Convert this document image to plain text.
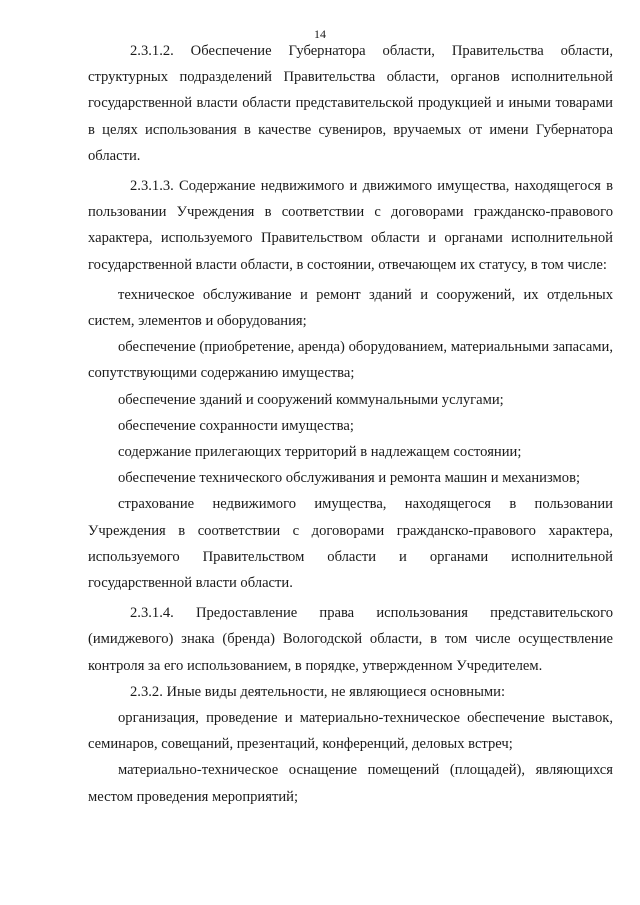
14

2.3.1.2. Обеспечение Губернатора области, Правительства области, структурных подразделений Правительства области, органов исполнительной государственной власти области представительской продукцией и иными товарами в целях использования в качестве сувениров, вручаемых от имени Губернатора области.

2.3.1.3. Содержание недвижимого и движимого имущества, находящегося в пользовании Учреждения в соответствии с договорами гражданско-правового характера, используемого Правительством области и органами исполнительной государственной власти области, в состоянии, отвечающем их статусу, в том числе:

техническое обслуживание и ремонт зданий и сооружений, их отдельных систем, элементов и оборудования;

обеспечение (приобретение, аренда) оборудованием, материальными запасами, сопутствующими содержанию имущества;

обеспечение зданий и сооружений коммунальными услугами;

обеспечение сохранности имущества;

содержание прилегающих территорий в надлежащем состоянии;

обеспечение технического обслуживания и ремонта машин и механизмов;

страхование недвижимого имущества, находящегося в пользовании Учреждения в соответствии с договорами гражданско-правового характера, используемого Правительством области и органами исполнительной государственной власти области.

2.3.1.4. Предоставление права использования представительского (имиджевого) знака (бренда) Вологодской области, в том числе осуществление контроля за его использованием, в порядке, утвержденном Учредителем.

2.3.2. Иные виды деятельности, не являющиеся основными:

организация, проведение и материально-техническое обеспечение выставок, семинаров, совещаний, презентаций, конференций, деловых встреч;

материально-техническое оснащение помещений (площадей), являющихся местом проведения мероприятий;
